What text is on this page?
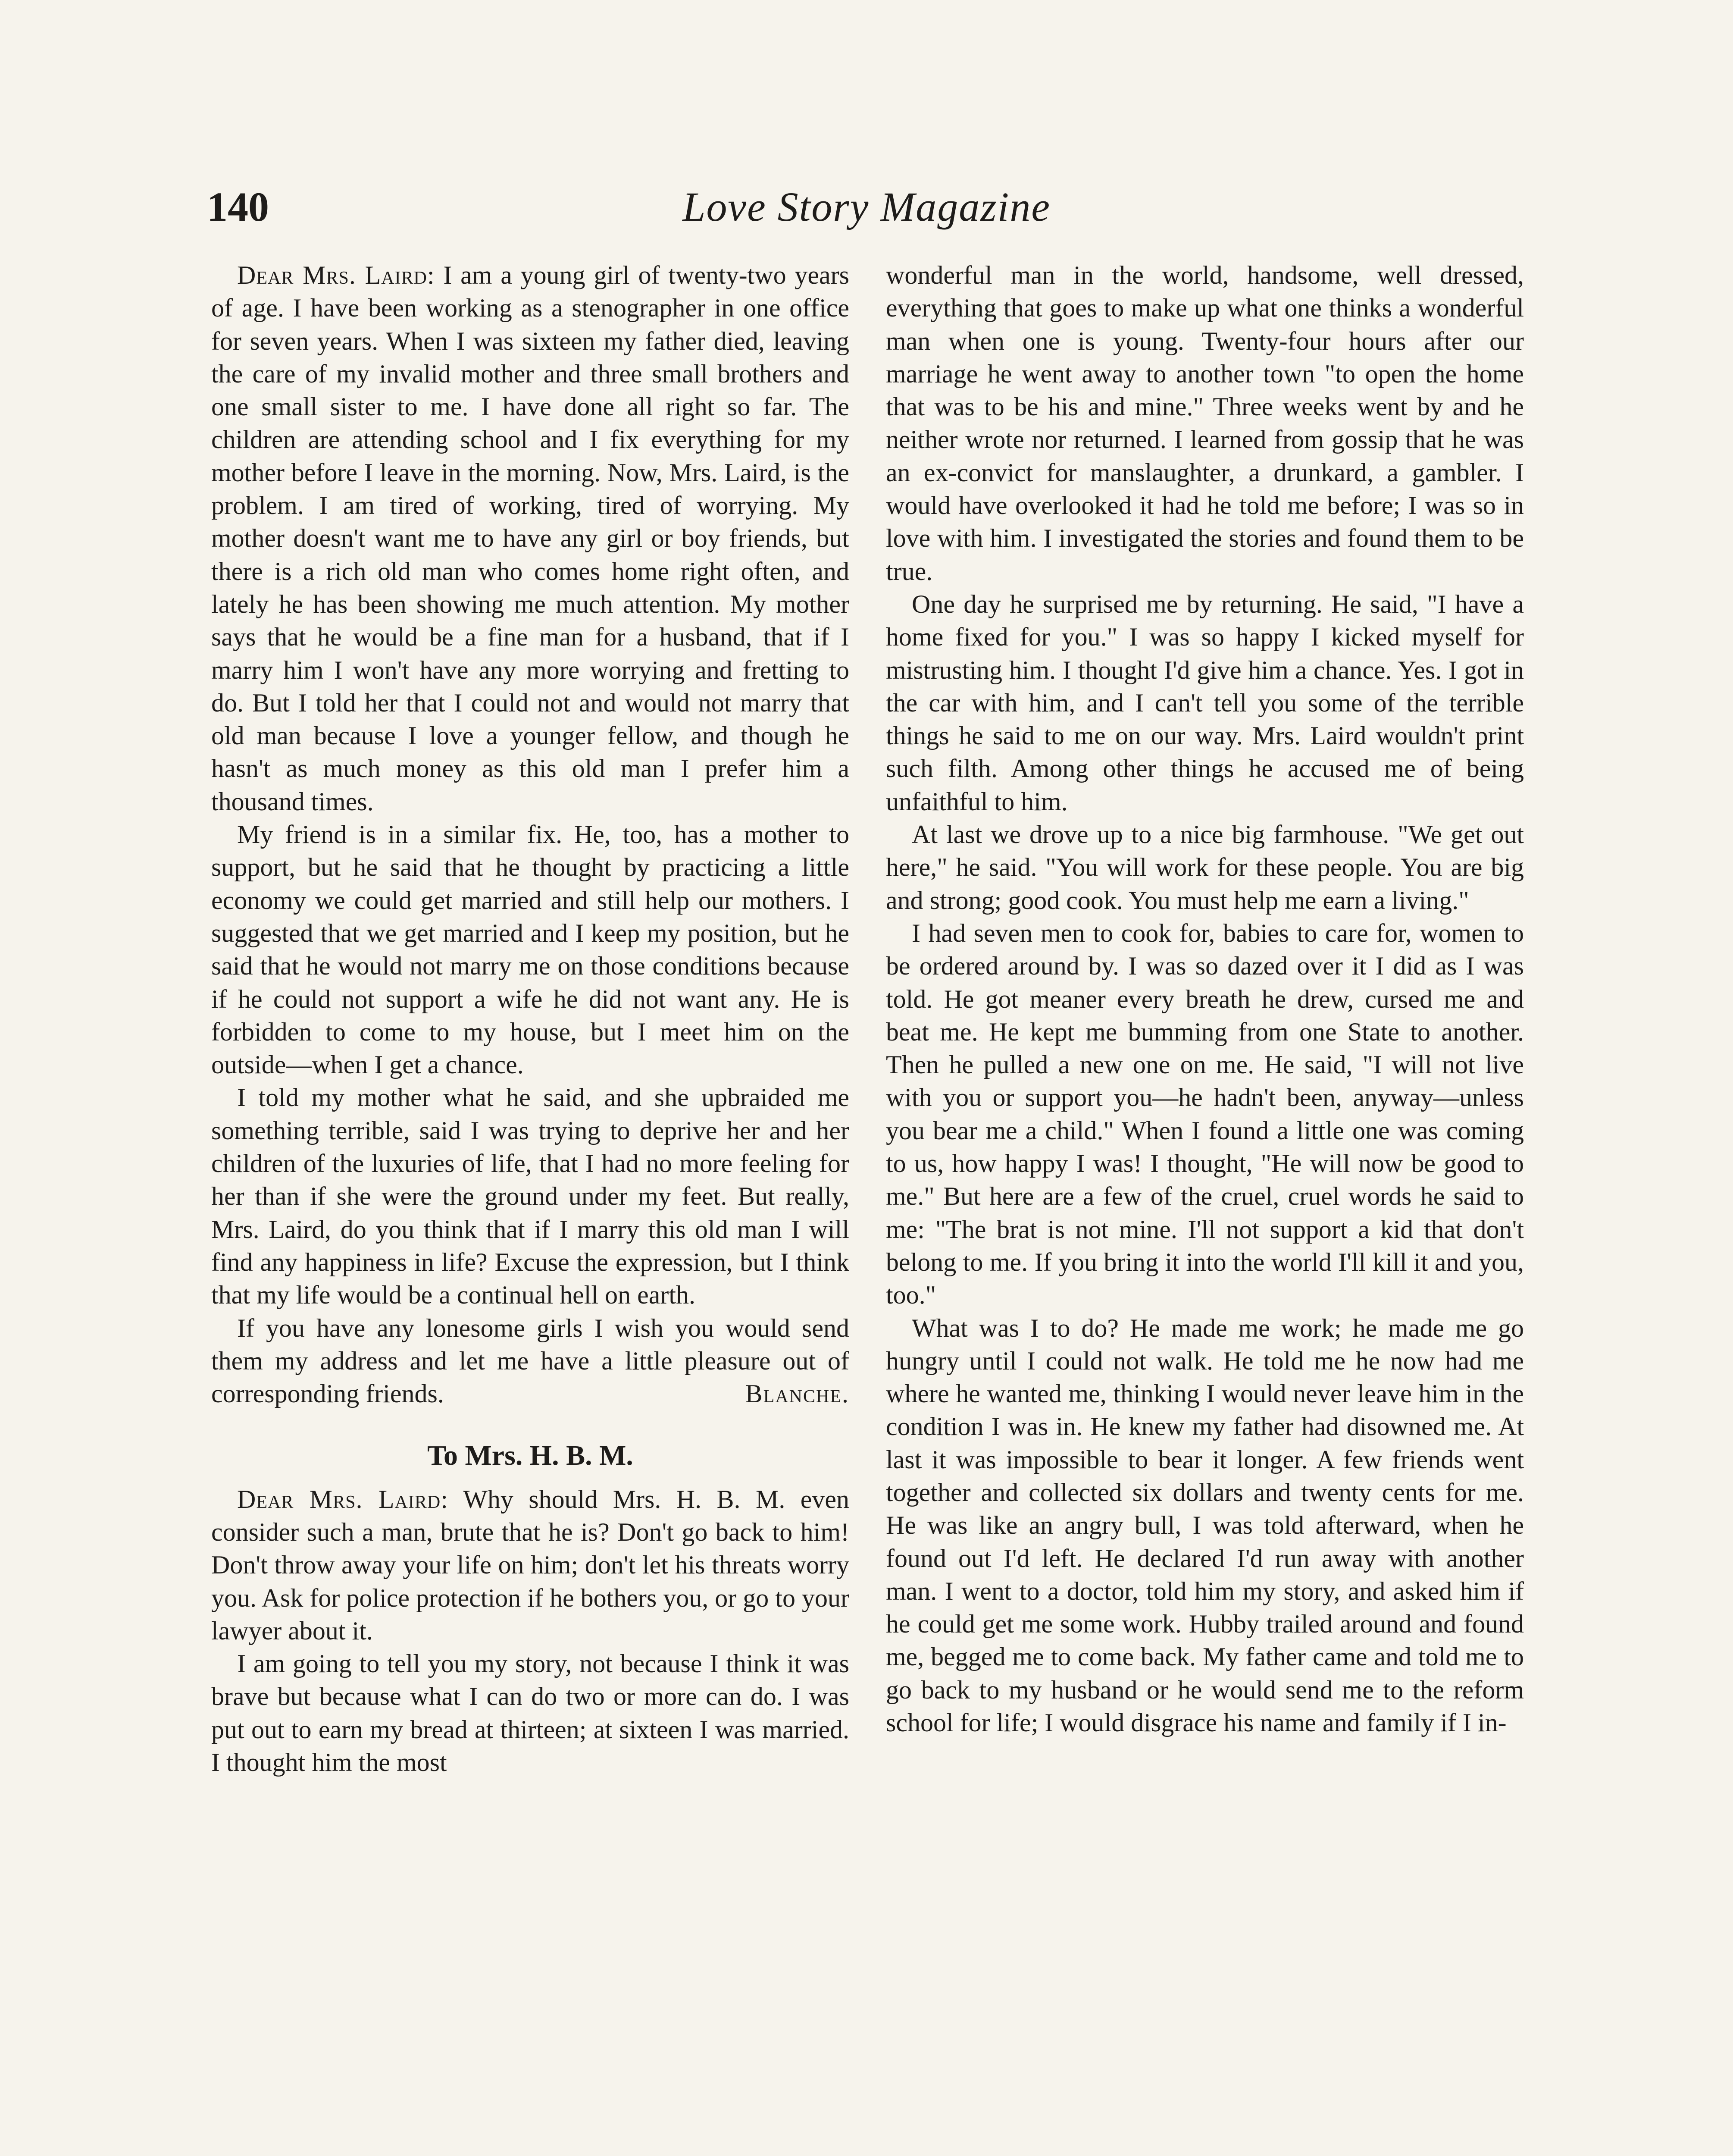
140	Love Story Magazine

Dear Mrs. Laird: I am a young girl of twenty-two years of age. I have been working as a stenographer in one office for seven years. When I was sixteen my father died, leaving the care of my invalid mother and three small brothers and one small sister to me. I have done all right so far. The children are attending school and I fix everything for my mother before I leave in the morning. Now, Mrs. Laird, is the problem. I am tired of working, tired of worrying. My mother doesn't want me to have any girl or boy friends, but there is a rich old man who comes home right often, and lately he has been showing me much attention. My mother says that he would be a fine man for a husband, that if I marry him I won't have any more worrying and fretting to do. But I told her that I could not and would not marry that old man because I love a younger fellow, and though he hasn't as much money as this old man I prefer him a thousand times.

My friend is in a similar fix. He, too, has a mother to support, but he said that he thought by practicing a little economy we could get married and still help our mothers. I suggested that we get married and I keep my position, but he said that he would not marry me on those conditions because if he could not support a wife he did not want any. He is forbidden to come to my house, but I meet him on the outside—when I get a chance.

I told my mother what he said, and she upbraided me something terrible, said I was trying to deprive her and her children of the luxuries of life, that I had no more feeling for her than if she were the ground under my feet. But really, Mrs. Laird, do you think that if I marry this old man I will find any happiness in life? Excuse the expression, but I think that my life would be a continual hell on earth.

If you have any lonesome girls I wish you would send them my address and let me have a little pleasure out of corresponding friends.	Blanche.
To Mrs. H. B. M.

Dear Mrs. Laird: Why should Mrs. H. B. M. even consider such a man, brute that he is? Don't go back to him! Don't throw away your life on him; don't let his threats worry you. Ask for police protection if he bothers you, or go to your lawyer about it.

I am going to tell you my story, not because I think it was brave but because what I can do two or more can do. I was put out to earn my bread at thirteen; at sixteen I was married. I thought him the most

wonderful man in the world, handsome, well dressed, everything that goes to make up what one thinks a wonderful man when one is young. Twenty-four hours after our marriage he went away to another town "to open the home that was to be his and mine." Three weeks went by and he neither wrote nor returned. I learned from gossip that he was an ex-convict for manslaughter, a drunkard, a gambler. I would have overlooked it had he told me before; I was so in love with him. I investigated the stories and found them to be true.

One day he surprised me by returning. He said, "I have a home fixed for you." I was so happy I kicked myself for mistrusting him. I thought I'd give him a chance. Yes. I got in the car with him, and I can't tell you some of the terrible things he said to me on our way. Mrs. Laird wouldn't print such filth. Among other things he accused me of being unfaithful to him.

At last we drove up to a nice big farmhouse. "We get out here," he said. "You will work for these people. You are big and strong; good cook. You must help me earn a living."

I had seven men to cook for, babies to care for, women to be ordered around by. I was so dazed over it I did as I was told. He got meaner every breath he drew, cursed me and beat me. He kept me bumming from one State to another. Then he pulled a new one on me. He said, "I will not live with you or support you—he hadn't been, anyway—unless you bear me a child." When I found a little one was coming to us, how happy I was! I thought, "He will now be good to me." But here are a few of the cruel, cruel words he said to me: "The brat is not mine. I'll not support a kid that don't belong to me. If you bring it into the world I'll kill it and you, too."

What was I to do? He made me work; he made me go hungry until I could not walk. He told me he now had me where he wanted me, thinking I would never leave him in the condition I was in. He knew my father had disowned me. At last it was impossible to bear it longer. A few friends went together and collected six dollars and twenty cents for me. He was like an angry bull, I was told afterward, when he found out I'd left. He declared I'd run away with another man. I went to a doctor, told him my story, and asked him if he could get me some work. Hubby trailed around and found me, begged me to come back. My father came and told me to go back to my husband or he would send me to the reform school for life; I would disgrace his name and family if I in-
